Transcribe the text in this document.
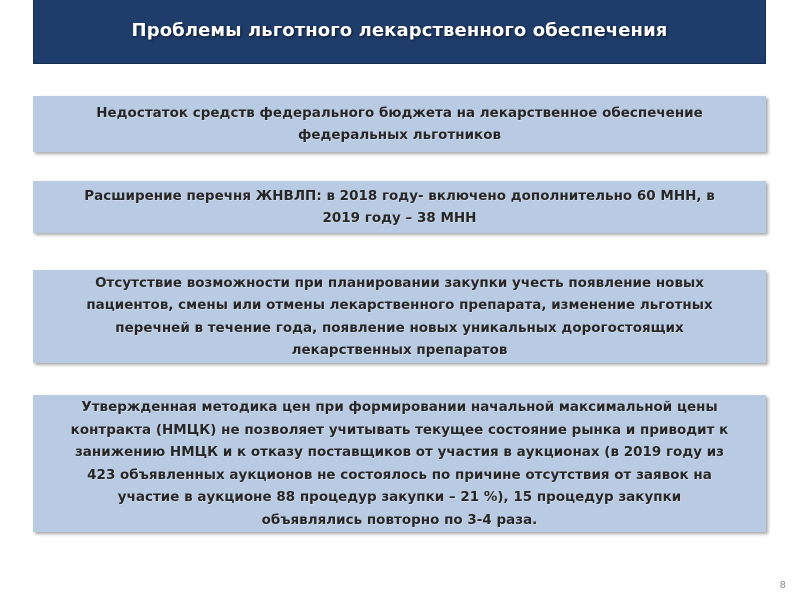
Проблемы льготного лекарственного обеспечения
Недостаток средств федерального бюджета на лекарственное обеспечение
федеральных льготников
Расширение перечня ЖНВЛП: в 2018 году- включено дополнительно 60 МНН, в
2019 году – 38 МНН
Отсутствие возможности при планировании закупки учесть появление новых
пациентов, смены или отмены лекарственного препарата, изменение льготных
перечней в течение года, появление новых уникальных дорогостоящих
лекарственных препаратов
Утвержденная методика цен при формировании начальной максимальной цены
контракта (НМЦК) не позволяет учитывать текущее состояние рынка и приводит к
занижению НМЦК и к отказу поставщиков от участия в аукционах (в 2019 году из
423 объявленных аукционов не состоялось по причине отсутствия от заявок на
участие в аукционе 88 процедур закупки – 21 %), 15 процедур закупки
объявлялись повторно по 3-4 раза.
8
